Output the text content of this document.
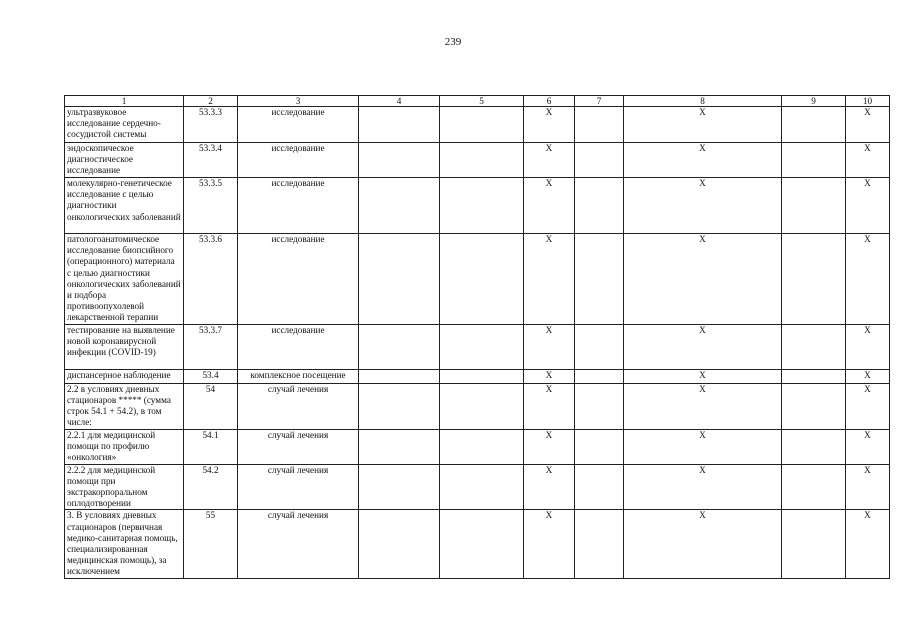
239
1	2	3	4	5	6	7	8	9	10
ультразвуковое исследование сердечно-сосудистой системы	53.3.3	исследование			X		X		X
эндоскопическое диагностическое исследование	53.3.4	исследование			X		X		X
молекулярно-генетическое исследование с целью диагностики онкологических заболеваний	53.3.5	исследование			X		X		X
патологоанатомическое исследование биопсийного (операционного) материала с целью диагностики онкологических заболеваний и подбора противоопухолевой лекарственной терапии	53.3.6	исследование			X		X		X
тестирование на выявление новой коронавирусной инфекции (COVID-19)	53.3.7	исследование			X		X		X
диспансерное наблюдение	53.4	комплексное посещение			X		X		X
2.2 в условиях дневных стационаров ***** (сумма строк 54.1 + 54.2), в том числе:	54	случай лечения			X		X		X
2.2.1 для медицинской помощи по профилю «онкология»	54.1	случай лечения			X		X		X
2.2.2 для медицинской помощи при экстракорпоральном оплодотворении	54.2	случай лечения			X		X		X
3. В условиях дневных стационаров (первичная медико-санитарная помощь, специализированная медицинская помощь), за исключением	55	случай лечения			X		X		X
